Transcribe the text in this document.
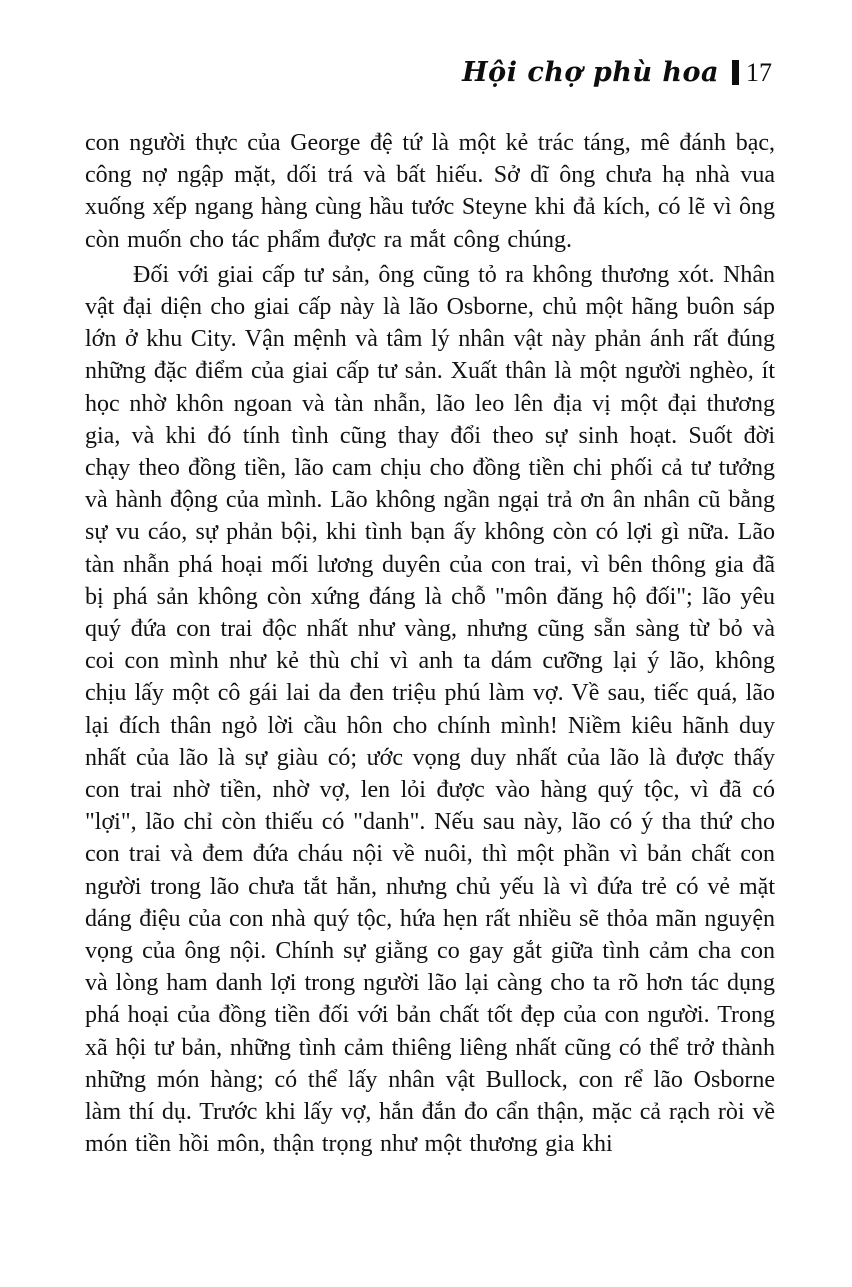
Hội chợ phù hoa 17

con người thực của George đệ tứ là một kẻ trác táng, mê đánh bạc, công nợ ngập mặt, dối trá và bất hiếu. Sở dĩ ông chưa hạ nhà vua xuống xếp ngang hàng cùng hầu tước Steyne khi đả kích, có lẽ vì ông còn muốn cho tác phẩm được ra mắt công chúng.

Đối với giai cấp tư sản, ông cũng tỏ ra không thương xót. Nhân vật đại diện cho giai cấp này là lão Osborne, chủ một hãng buôn sáp lớn ở khu City. Vận mệnh và tâm lý nhân vật này phản ánh rất đúng những đặc điểm của giai cấp tư sản. Xuất thân là một người nghèo, ít học nhờ khôn ngoan và tàn nhẫn, lão leo lên địa vị một đại thương gia, và khi đó tính tình cũng thay đổi theo sự sinh hoạt. Suốt đời chạy theo đồng tiền, lão cam chịu cho đồng tiền chi phối cả tư tưởng và hành động của mình. Lão không ngần ngại trả ơn ân nhân cũ bằng sự vu cáo, sự phản bội, khi tình bạn ấy không còn có lợi gì nữa. Lão tàn nhẫn phá hoại mối lương duyên của con trai, vì bên thông gia đã bị phá sản không còn xứng đáng là chỗ "môn đăng hộ đối"; lão yêu quý đứa con trai độc nhất như vàng, nhưng cũng sẵn sàng từ bỏ và coi con mình như kẻ thù chỉ vì anh ta dám cưỡng lại ý lão, không chịu lấy một cô gái lai da đen triệu phú làm vợ. Về sau, tiếc quá, lão lại đích thân ngỏ lời cầu hôn cho chính mình! Niềm kiêu hãnh duy nhất của lão là sự giàu có; ước vọng duy nhất của lão là được thấy con trai nhờ tiền, nhờ vợ, len lỏi được vào hàng quý tộc, vì đã có "lợi", lão chỉ còn thiếu có "danh". Nếu sau này, lão có ý tha thứ cho con trai và đem đứa cháu nội về nuôi, thì một phần vì bản chất con người trong lão chưa tắt hẳn, nhưng chủ yếu là vì đứa trẻ có vẻ mặt dáng điệu của con nhà quý tộc, hứa hẹn rất nhiều sẽ thỏa mãn nguyện vọng của ông nội. Chính sự giằng co gay gắt giữa tình cảm cha con và lòng ham danh lợi trong người lão lại càng cho ta rõ hơn tác dụng phá hoại của đồng tiền đối với bản chất tốt đẹp của con người. Trong xã hội tư bản, những tình cảm thiêng liêng nhất cũng có thể trở thành những món hàng; có thể lấy nhân vật Bullock, con rể lão Osborne làm thí dụ. Trước khi lấy vợ, hắn đắn đo cẩn thận, mặc cả rạch ròi về món tiền hồi môn, thận trọng như một thương gia khi
